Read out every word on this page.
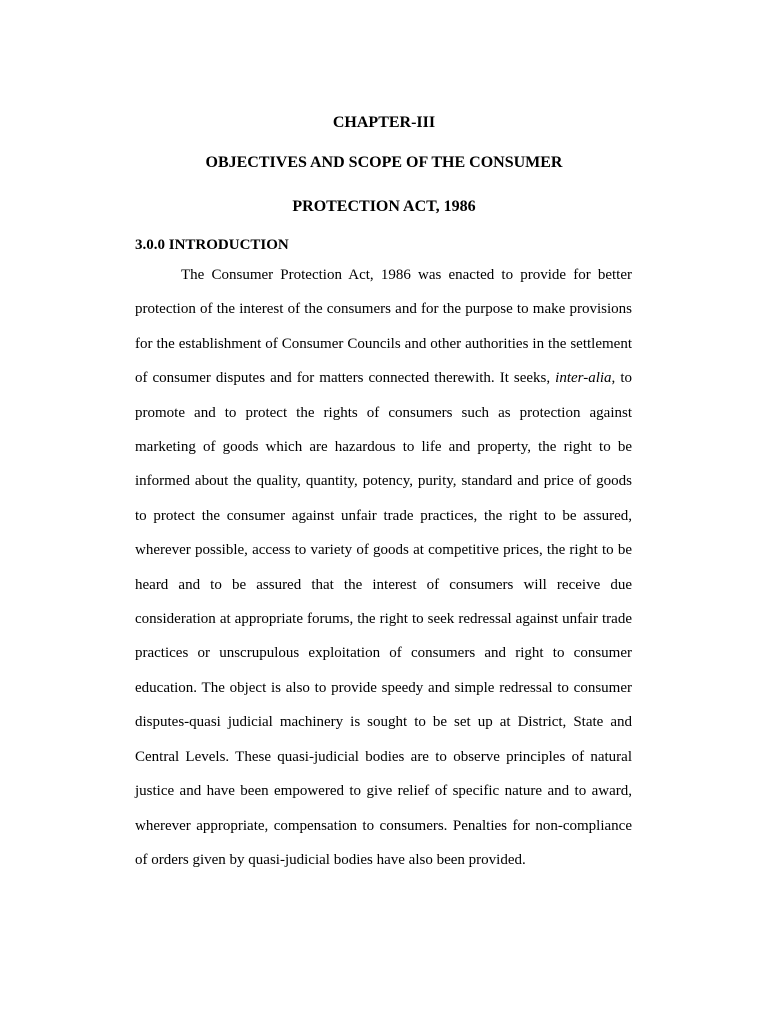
CHAPTER-III

OBJECTIVES AND SCOPE OF THE CONSUMER

PROTECTION ACT, 1986

3.0.0 INTRODUCTION

The Consumer Protection Act, 1986 was enacted to provide for better protection of the interest of the consumers and for the purpose to make provisions for the establishment of Consumer Councils and other authorities in the settlement of consumer disputes and for matters connected therewith. It seeks, inter-alia, to promote and to protect the rights of consumers such as protection against marketing of goods which are hazardous to life and property, the right to be informed about the quality, quantity, potency, purity, standard and price of goods to protect the consumer against unfair trade practices, the right to be assured, wherever possible, access to variety of goods at competitive prices, the right to be heard and to be assured that the interest of consumers will receive due consideration at appropriate forums, the right to seek redressal against unfair trade practices or unscrupulous exploitation of consumers and right to consumer education. The object is also to provide speedy and simple redressal to consumer disputes-quasi judicial machinery is sought to be set up at District, State and Central Levels. These quasi-judicial bodies are to observe principles of natural justice and have been empowered to give relief of specific nature and to award, wherever appropriate, compensation to consumers. Penalties for non-compliance of orders given by quasi-judicial bodies have also been provided.
